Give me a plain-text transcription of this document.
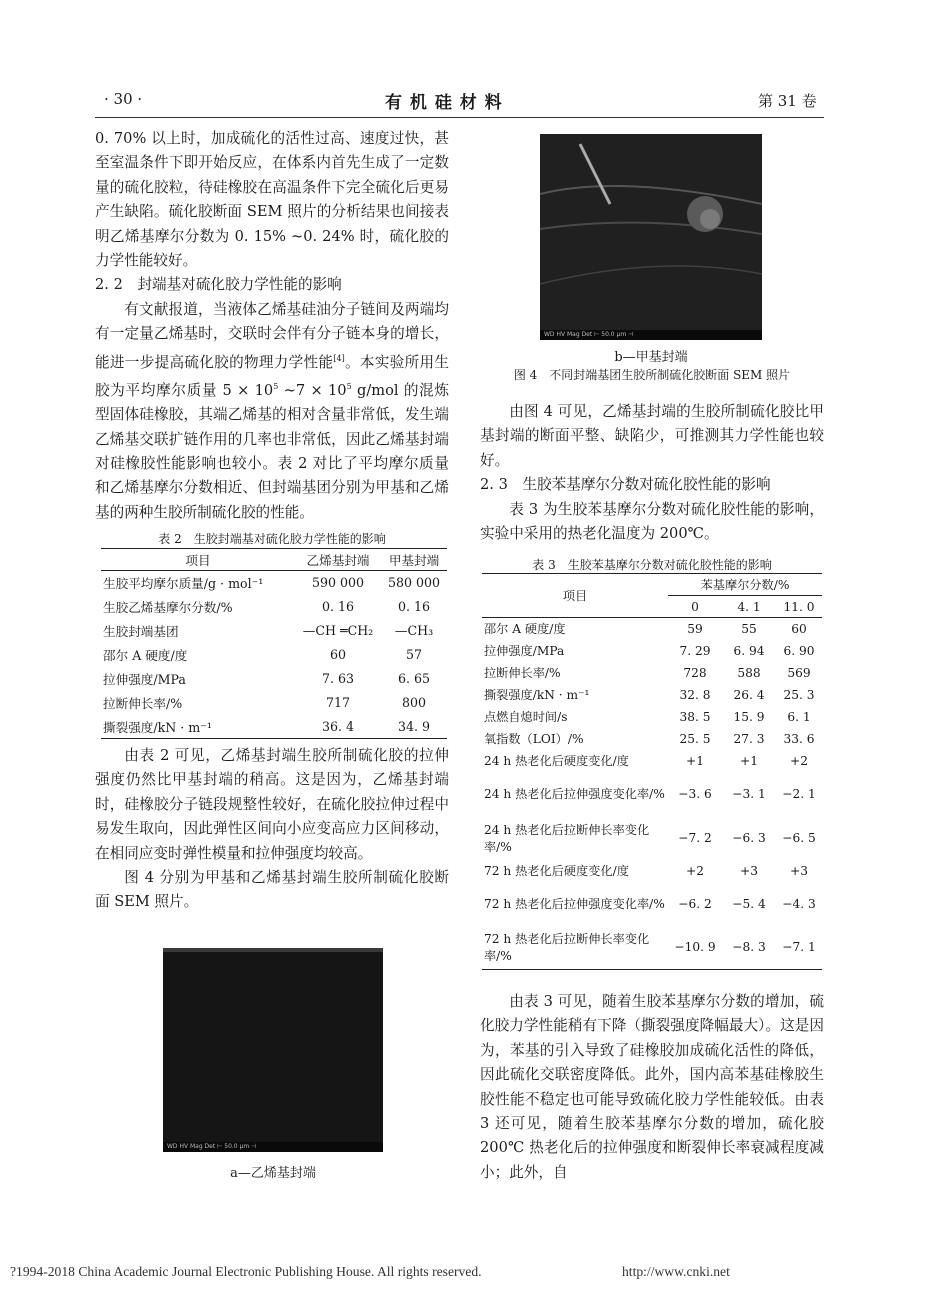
· 30 ·	有 机 硅 材 料	第 31 卷

0. 70% 以上时，加成硫化的活性过高、速度过快，甚至室温条件下即开始反应，在体系内首先生成了一定数量的硫化胶粒，待硅橡胶在高温条件下完全硫化后更易产生缺陷。硫化胶断面 SEM 照片的分析结果也间接表明乙烯基摩尔分数为 0. 15% ~0. 24% 时，硫化胶的力学性能较好。

2. 2　封端基对硫化胶力学性能的影响

有文献报道，当液体乙烯基硅油分子链间及两端均有一定量乙烯基时，交联时会伴有分子链本身的增长，能进一步提高硫化胶的物理力学性能[4]。本实验所用生胶为平均摩尔质量 $5 \times 10^5$ ~7 × $10^5$ g/mol 的混炼型固体硅橡胶，其端乙烯基的相对含量非常低，发生端乙烯基交联扩链作用的几率也非常低，因此乙烯基封端对硅橡胶性能影响也较小。表 2 对比了平均摩尔质量和乙烯基摩尔分数相近、但封端基团分别为甲基和乙烯基的两种生胶所制硫化胶的性能。

表 2　生胶封端基对硫化胶力学性能的影响
项目	乙烯基封端	甲基封端
生胶平均摩尔质量/g · mol⁻¹	590 000	580 000
生胶乙烯基摩尔分数/%	0. 16	0. 16
生胶封端基团	—CH ═CH₂	—CH₃
邵尔 A 硬度/度	60	57
拉伸强度/MPa	7. 63	6. 65
拉断伸长率/%	717	800
撕裂强度/kN · m⁻¹	36. 4	34. 9

由表 2 可见，乙烯基封端生胶所制硫化胶的拉伸强度仍然比甲基封端的稍高。这是因为，乙烯基封端时，硅橡胶分子链段规整性较好，在硫化胶拉伸过程中易发生取向，因此弹性区间向小应变高应力区间移动，在相同应变时弹性模量和拉伸强度均较高。

图 4 分别为甲基和乙烯基封端生胶所制硫化胶断面 SEM 照片。

WD HV Mag Det ⊢ 50.0 μm ⊣
a—乙烯基封端
WD HV Mag Det ⊢ 50.0 μm ⊣
b—甲基封端
图 4　不同封端基团生胶所制硫化胶断面 SEM 照片

由图 4 可见，乙烯基封端的生胶所制硫化胶比甲基封端的断面平整、缺陷少，可推测其力学性能也较好。

2. 3　生胶苯基摩尔分数对硫化胶性能的影响

表 3 为生胶苯基摩尔分数对硫化胶性能的影响，实验中采用的热老化温度为 200℃。

表 3　生胶苯基摩尔分数对硫化胶性能的影响
项目	苯基摩尔分数/%		
	0	4. 1	11. 0
邵尔 A 硬度/度	59	55	60
拉伸强度/MPa	7. 29	6. 94	6. 90
拉断伸长率/%	728	588	569
撕裂强度/kN · m⁻¹	32. 8	26. 4	25. 3
点燃自熄时间/s	38. 5	15. 9	6. 1
氧指数（LOI）/%	25. 5	27. 3	33. 6
24 h 热老化后硬度变化/度	+1	+1	+2
24 h 热老化后拉伸强度变化率/%	−3. 6	−3. 1	−2. 1
24 h 热老化后拉断伸长率变化率/%	−7. 2	−6. 3	−6. 5
72 h 热老化后硬度变化/度	+2	+3	+3
72 h 热老化后拉伸强度变化率/%	−6. 2	−5. 4	−4. 3
72 h 热老化后拉断伸长率变化率/%	−10. 9	−8. 3	−7. 1

由表 3 可见，随着生胶苯基摩尔分数的增加，硫化胶力学性能稍有下降（撕裂强度降幅最大）。这是因为，苯基的引入导致了硅橡胶加成硫化活性的降低，因此硫化交联密度降低。此外，国内高苯基硅橡胶生胶性能不稳定也可能导致硫化胶力学性能较低。由表 3 还可见，随着生胶苯基摩尔分数的增加，硫化胶 200℃ 热老化后的拉伸强度和断裂伸长率衰减程度减小；此外，自

?1994-2018 China Academic Journal Electronic Publishing House. All rights reserved.	http://www.cnki.net
